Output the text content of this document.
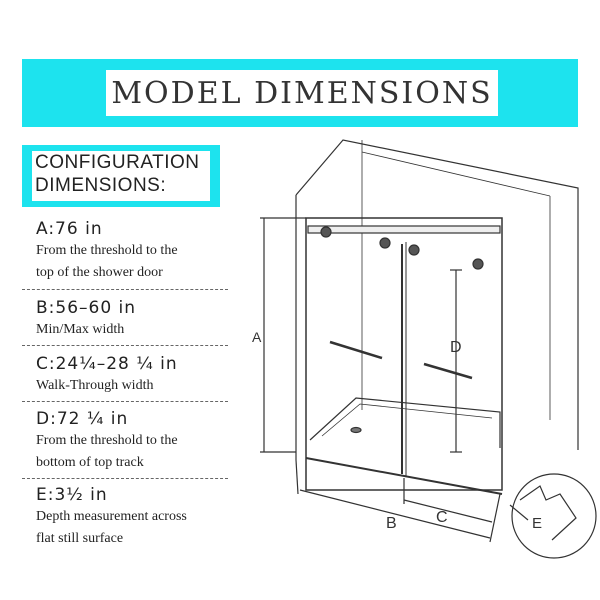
MODEL DIMENSIONS
CONFIGURATION
DIMENSIONS:
A:76 in
From the threshold to the
top of the shower door
B:56–60 in
Min/Max width
C:24¼–28 ¼ in
Walk-Through width
D:72 ¼ in
From the threshold to the
bottom of top track
E:3½ in
Depth measurement across
flat still surface
A
D
B C	E
